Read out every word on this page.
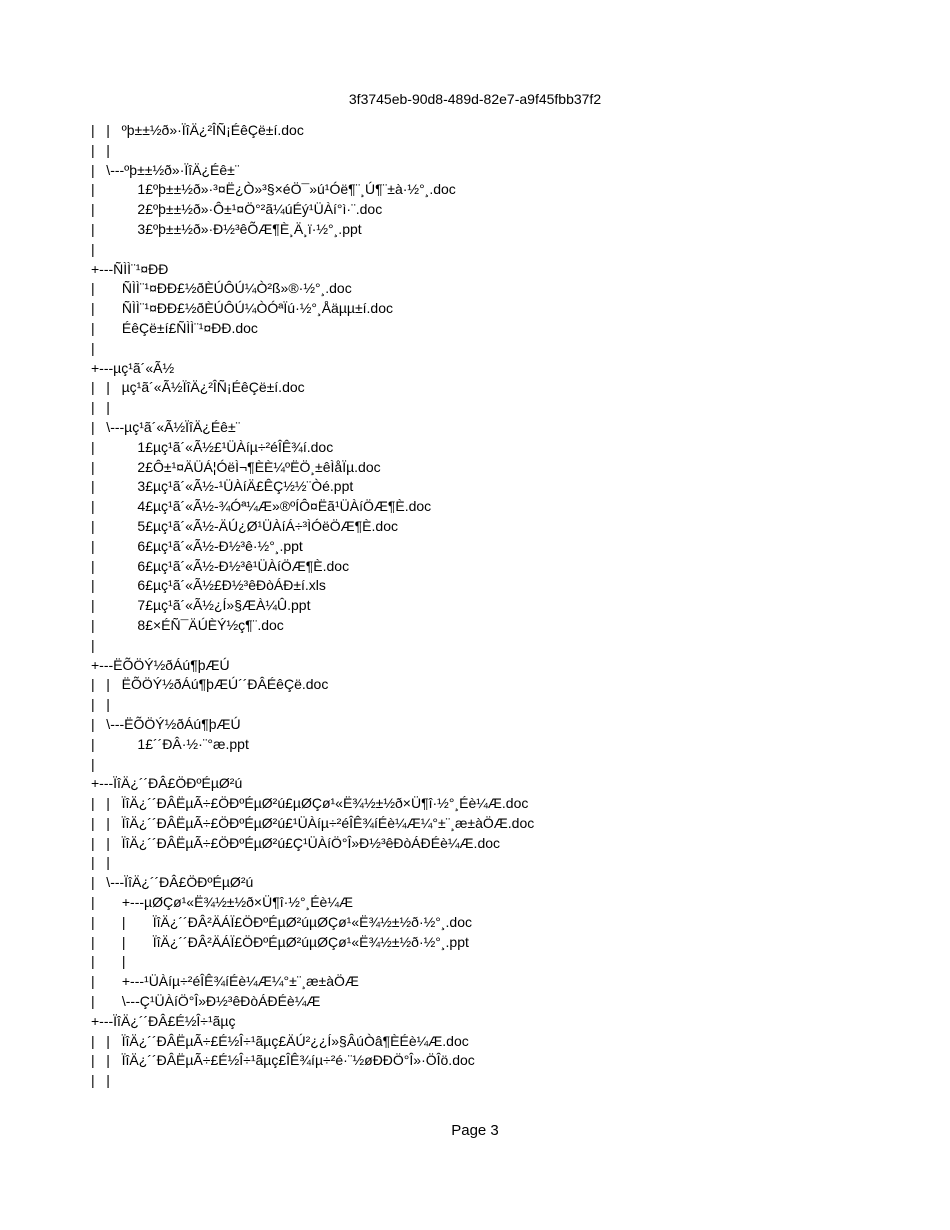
3f3745eb-90d8-489d-82e7-a9f45fbb37f2
|   |   ºþ±±½ð»·ÏîÄ¿²ÎÑ¡ÉêÇë±í.doc
|   |
|   \---ºþ±±½ð»·ÏîÄ¿Éê±¨
|           1£ºþ±±½ð»·³¤Ë¿Ò»³§×éÖ¯»ú¹Óë¶¨¸Ú¶¨±à·½°¸.doc
|           2£ºþ±±½ð»·Ô±¹¤Ö°²ã¼úÉý¹ÜÀí°ì·¨.doc
|           3£ºþ±±½ð»·Ð½³êÕÆ¶È¸Ä¸ï·½°¸.ppt
|
+---ÑÌÌ¨¹¤ÐÐ
|       ÑÌÌ¨¹¤ÐÐ£½ðÈÚÔÚ¼Ò²ß»®·½°¸.doc
|       ÑÌÌ¨¹¤ÐÐ£½ðÈÚÔÚ¼ÒÓªÏú·½°¸Åäµµ±í.doc
|       ÉêÇë±í£ÑÌÌ¨¹¤ÐÐ.doc
|
+---µç¹ã´«Ã½
|   |   µç¹ã´«Ã½ÏîÄ¿²ÎÑ¡ÉêÇë±í.doc
|   |
|   \---µç¹ã´«Ã½ÏîÄ¿Éê±¨
|           1£µç¹ã´«Ã½£¹ÜÀíµ÷²éÎÊ¾í.doc
|           2£Ô±¹¤ÄÜÁ¦ÓëÌ¬¶ÈÈ¼ºËÖ¸±êÌåÏµ.doc
|           3£µç¹ã´«Ã½-¹ÜÀíÄ£ÊÇ½½¨Òé.ppt
|           4£µç¹ã´«Ã½-¾Óª¼Æ»®ºÍÔ¤Ëã¹ÜÀíÖÆ¶È.doc
|           5£µç¹ã´«Ã½-ÄÚ¿Ø¹ÜÀíÁ÷³ÌÓëÖÆ¶È.doc
|           6£µç¹ã´«Ã½-Ð½³ê·½°¸.ppt
|           6£µç¹ã´«Ã½-Ð½³ê¹ÜÀíÖÆ¶È.doc
|           6£µç¹ã´«Ã½£Ð½³êÐòÁÐ±í.xls
|           7£µç¹ã´«Ã½¿Í»§ÆÀ¼Û.ppt
|           8£×ÉÑ¯ÄÚÈÝ½ç¶¨.doc
|
+---ËÕÖÝ½ðÁú¶þÆÚ
|   |   ËÕÖÝ½ðÁú¶þÆÚ´´ÐÂÉêÇë.doc
|   |
|   \---ËÕÖÝ½ðÁú¶þÆÚ
|           1£´´ÐÂ·½·¨°æ.ppt
|
+---ÏîÄ¿´´ÐÂ£ÖÐºÉµØ²ú
|   |   ÏîÄ¿´´ÐÂËµÃ÷£ÖÐºÉµØ²ú£µØÇø¹«Ë¾½±½ð×Ü¶î·½°¸Éè¼Æ.doc
|   |   ÏîÄ¿´´ÐÂËµÃ÷£ÖÐºÉµØ²ú£¹ÜÀíµ÷²éÎÊ¾íÉè¼Æ¼°±¨¸æ±àÖÆ.doc
|   |   ÏîÄ¿´´ÐÂËµÃ÷£ÖÐºÉµØ²ú£Ç¹ÜÀíÖ°Î»Ð½³êÐòÁÐÉè¼Æ.doc
|   |
|   \---ÏîÄ¿´´ÐÂ£ÖÐºÉµØ²ú
|       +---µØÇø¹«Ë¾½±½ð×Ü¶î·½°¸Éè¼Æ
|       |       ÏîÄ¿´´ÐÂ²ÄÁÏ£ÖÐºÉµØ²úµØÇø¹«Ë¾½±½ð·½°¸.doc
|       |       ÏîÄ¿´´ÐÂ²ÄÁÏ£ÖÐºÉµØ²úµØÇø¹«Ë¾½±½ð·½°¸.ppt
|       |
|       +---¹ÜÀíµ÷²éÎÊ¾íÉè¼Æ¼°±¨¸æ±àÖÆ
|       \---Ç¹ÜÀíÖ°Î»Ð½³êÐòÁÐÉè¼Æ
+---ÏîÄ¿´´ÐÂ£É½Î÷¹ãµç
|   |   ÏîÄ¿´´ÐÂËµÃ÷£É½Î÷¹ãµç£ÄÚ²¿¿Í»§ÂúÒâ¶ÈÉè¼Æ.doc
|   |   ÏîÄ¿´´ÐÂËµÃ÷£É½Î÷¹ãµç£ÎÊ¾íµ÷²é·¨½øÐÐÖ°Î»·ÖÎö.doc
|   |
Page 3
